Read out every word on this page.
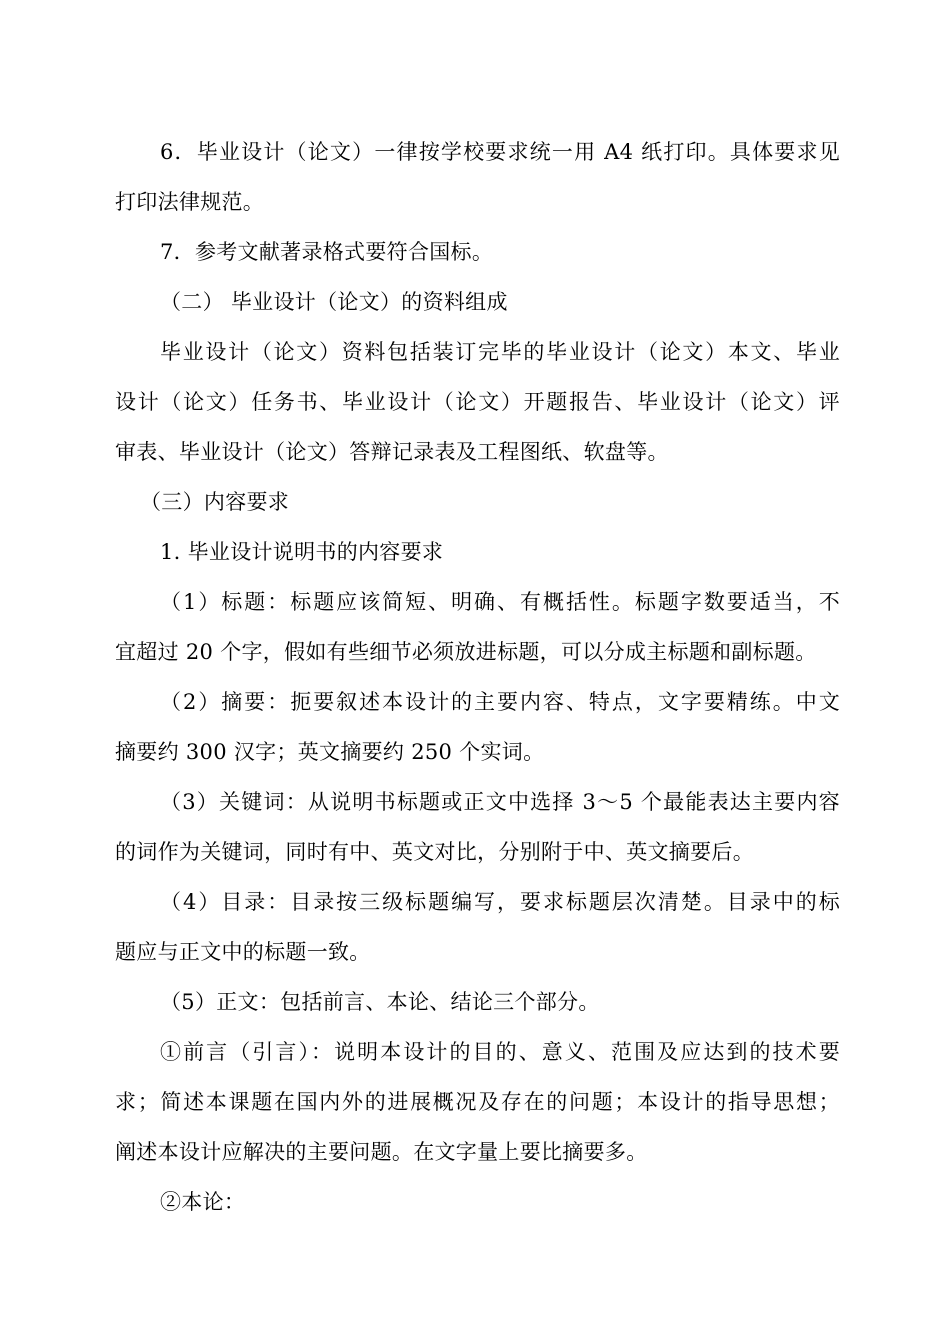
6．毕业设计（论文）一律按学校要求统一用 A4 纸打印。具体要求见
打印法律规范。
7．参考文献著录格式要符合国标。
（二） 毕业设计（论文）的资料组成
毕业设计（论文）资料包括装订完毕的毕业设计（论文）本文、毕业
设计（论文）任务书、毕业设计（论文）开题报告、毕业设计（论文）评
审表、毕业设计（论文）答辩记录表及工程图纸、软盘等。
（三）内容要求
1. 毕业设计说明书的内容要求
（1）标题：标题应该简短、明确、有概括性。标题字数要适当，不
宜超过 20 个字，假如有些细节必须放进标题，可以分成主标题和副标题。
（2）摘要：扼要叙述本设计的主要内容、特点，文字要精练。中文
摘要约 300 汉字；英文摘要约 250 个实词。
（3）关键词：从说明书标题或正文中选择 3～5 个最能表达主要内容
的词作为关键词，同时有中、英文对比，分别附于中、英文摘要后。
（4）目录：目录按三级标题编写，要求标题层次清楚。目录中的标
题应与正文中的标题一致。
（5）正文：包括前言、本论、结论三个部分。
①前言（引言）：说明本设计的目的、意义、范围及应达到的技术要
求；简述本课题在国内外的进展概况及存在的问题；本设计的指导思想；
阐述本设计应解决的主要问题。在文字量上要比摘要多。
②本论：
